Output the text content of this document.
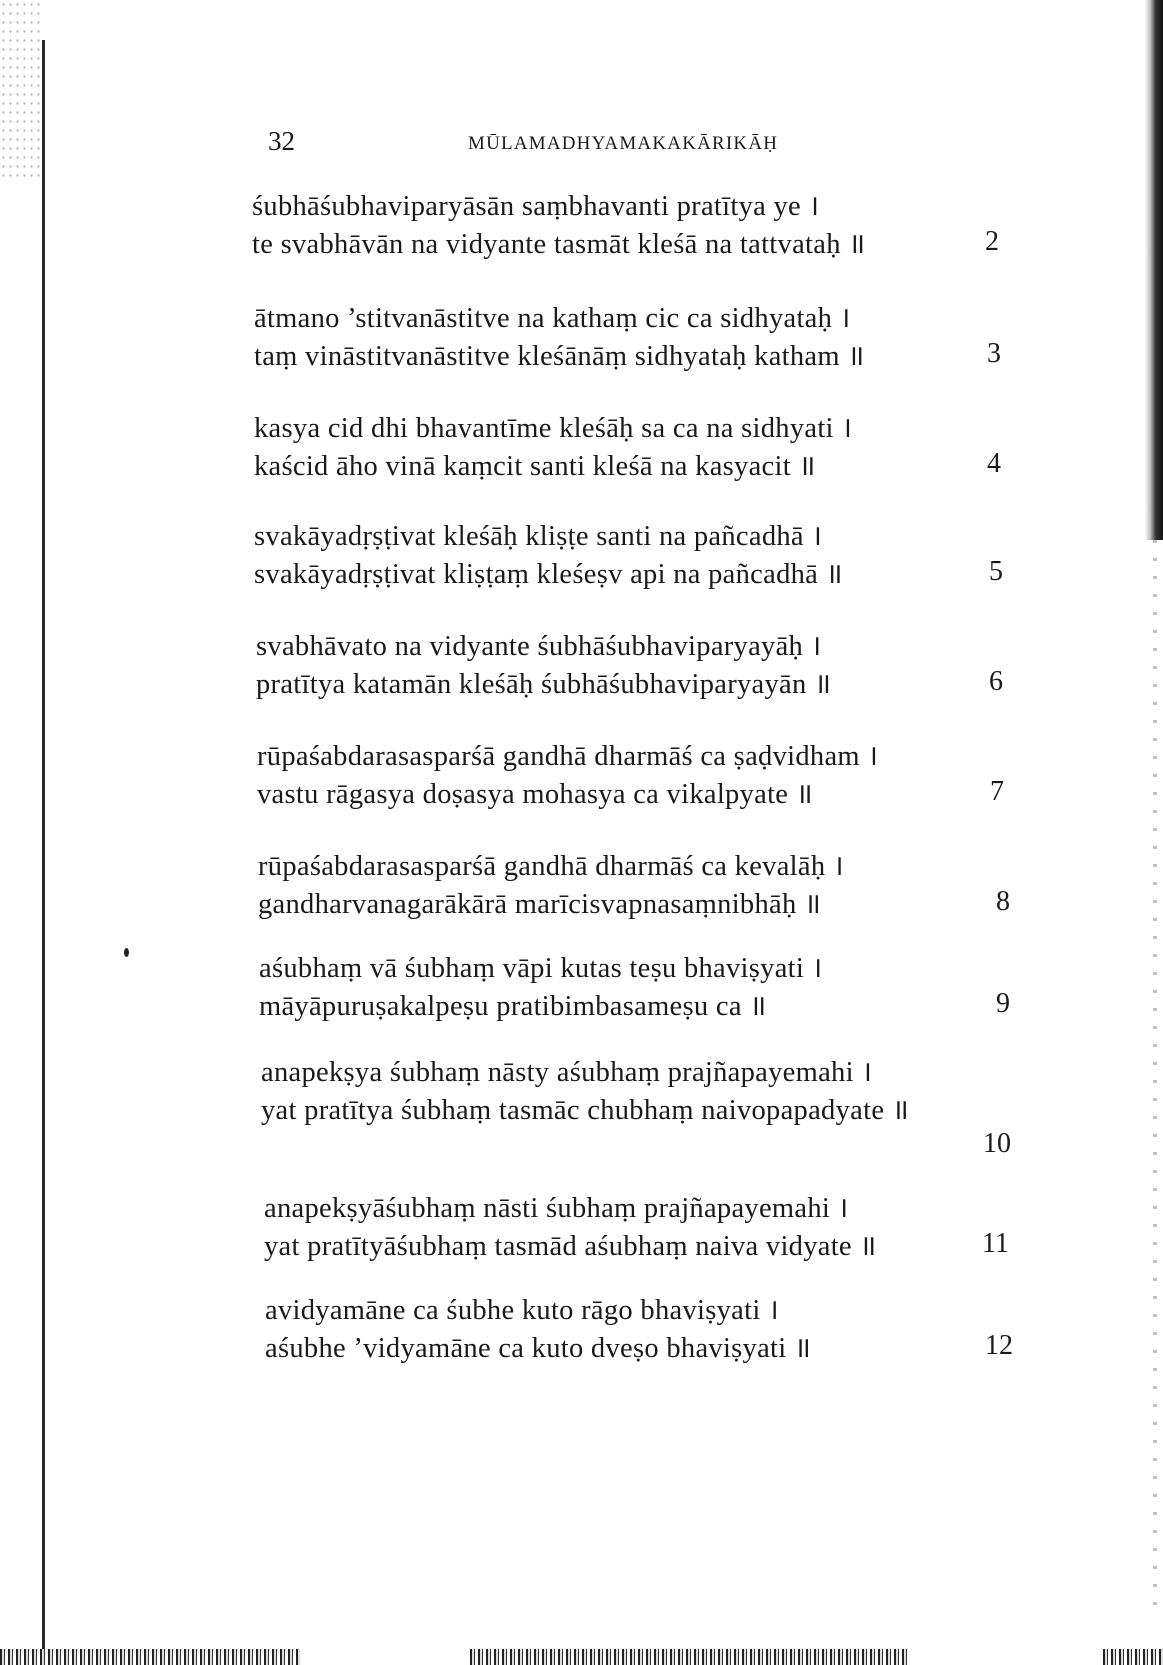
32	MŪLAMADHYAMAKAKĀRIKĀḤ
śubhāśubhaviparyāsān saṃbhavanti pratītya ye ।
te svabhāvān na vidyante tasmāt kleśā na tattvataḥ ॥	2
ātmano ’stitvanāstitve na kathaṃ cic ca sidhyataḥ ।
taṃ vināstitvanāstitve kleśānāṃ sidhyataḥ katham ॥	3
kasya cid dhi bhavantīme kleśāḥ sa ca na sidhyati ।
kaścid āho vinā kaṃcit santi kleśā na kasyacit ॥	4
svakāyadṛṣṭivat kleśāḥ kliṣṭe santi na pañcadhā ।
svakāyadṛṣṭivat kliṣṭaṃ kleśeṣv api na pañcadhā ॥	5
svabhāvato na vidyante śubhāśubhaviparyayāḥ ।
pratītya katamān kleśāḥ śubhāśubhaviparyayān ॥	6
rūpaśabdarasasparśā gandhā dharmāś ca ṣaḍvidham ।
vastu rāgasya doṣasya mohasya ca vikalpyate ॥	7
rūpaśabdarasasparśā gandhā dharmāś ca kevalāḥ ।
gandharvanagarākārā marīcisvapnasaṃnibhāḥ ॥	8
aśubhaṃ vā śubhaṃ vāpi kutas teṣu bhaviṣyati ।
māyāpuruṣakalpeṣu pratibimbasameṣu ca ॥	9
anapekṣya śubhaṃ nāsty aśubhaṃ prajñapayemahi ।
yat pratītya śubhaṃ tasmāc chubhaṃ naivopapadyate ॥
10
anapekṣyāśubhaṃ nāsti śubhaṃ prajñapayemahi ।
yat pratītyāśubhaṃ tasmād aśubhaṃ naiva vidyate ॥	11
avidyamāne ca śubhe kuto rāgo bhaviṣyati ।
aśubhe ’vidyamāne ca kuto dveṣo bhaviṣyati ॥	12
